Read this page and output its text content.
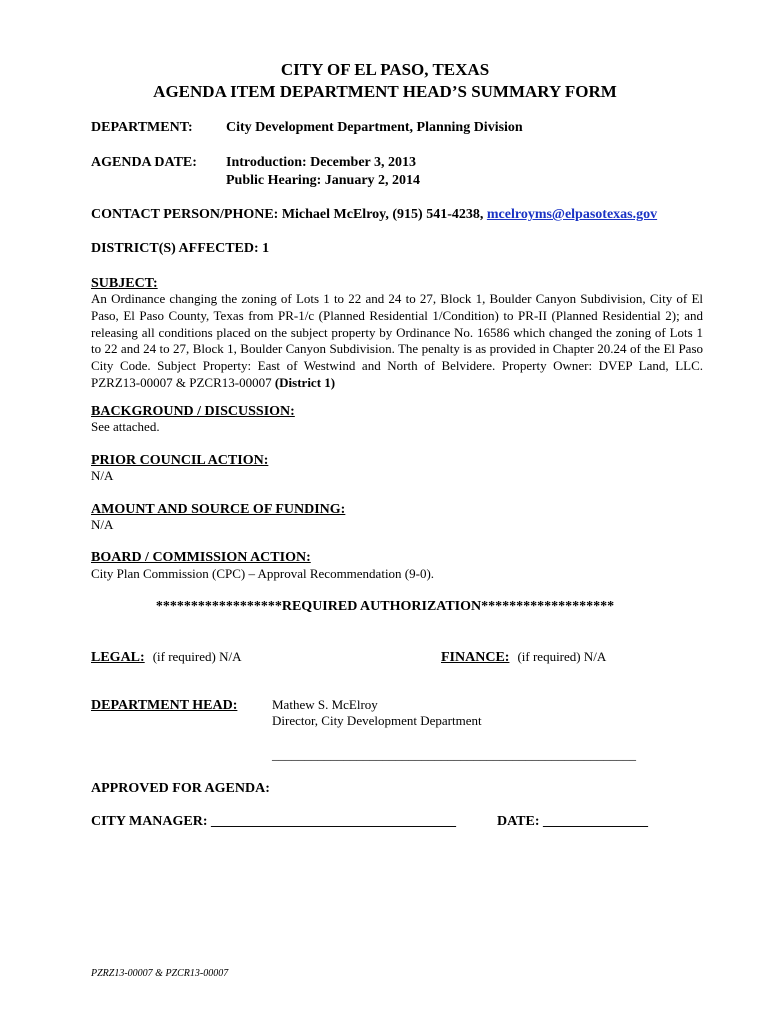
CITY OF EL PASO, TEXAS
AGENDA ITEM DEPARTMENT HEAD’S SUMMARY FORM
DEPARTMENT: City Development Department, Planning Division
AGENDA DATE: Introduction: December 3, 2013
Public Hearing: January 2, 2014
CONTACT PERSON/PHONE: Michael McElroy, (915) 541-4238, mcelroyms@elpasotexas.gov
DISTRICT(S) AFFECTED: 1
SUBJECT:
An Ordinance changing the zoning of Lots 1 to 22 and 24 to 27, Block 1, Boulder Canyon Subdivision, City of El Paso, El Paso County, Texas from PR-1/c (Planned Residential 1/Condition) to PR-II (Planned Residential 2); and releasing all conditions placed on the subject property by Ordinance No. 16586 which changed the zoning of Lots 1 to 22 and 24 to 27, Block 1, Boulder Canyon Subdivision. The penalty is as provided in Chapter 20.24 of the El Paso City Code. Subject Property: East of Westwind and North of Belvidere. Property Owner: DVEP Land, LLC. PZRZ13-00007 & PZCR13-00007 (District 1)
BACKGROUND / DISCUSSION:
See attached.
PRIOR COUNCIL ACTION:
N/A
AMOUNT AND SOURCE OF FUNDING:
N/A
BOARD / COMMISSION ACTION:
City Plan Commission (CPC) – Approval Recommendation (9-0).
******************REQUIRED AUTHORIZATION*******************
LEGAL: (if required) N/A	FINANCE: (if required) N/A
DEPARTMENT HEAD:	Mathew S. McElroy
Director, City Development Department
________________________________________________________
APPROVED FOR AGENDA:
CITY MANAGER: ___________________________________	DATE: _______________
PZRZ13-00007 & PZCR13-00007
